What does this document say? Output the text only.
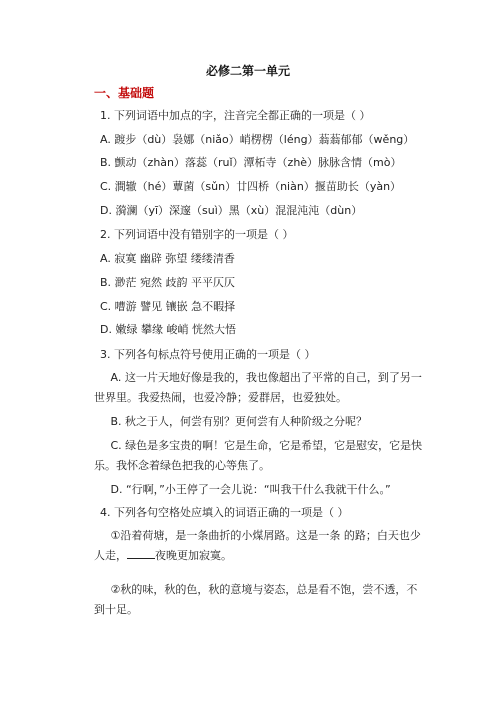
必修二第一单元
一、基础题
1. 下列词语中加点的字，注音完全都正确的一项是（ ）
A. 踱步（dù）袅娜（niǎo）峭楞楞（léng）蓊蓊郁郁（wěng）
B. 颤动（zhàn）落蕊（ruǐ）潭柘寺（zhè）脉脉含情（mò）
C. 澗辙（hé）蕈菌（sǔn）廿四桥（niàn）揠苗助长（yàn）
D. 漪澜（yī）深邃（suì）黑（xù）混混沌沌（dùn）
2. 下列词语中没有错别字的一项是（ ）
A. 寂寞 幽辟 弥望 缕缕清香
B. 渺茫 宛然 歧韵 平平仄仄
C. 嘈游 譬见 镶嵌 急不暇择
D. 嫩绿 攀缘 峻峭 恍然大悟
3. 下列各句标点符号使用正确的一项是（ ）
A. 这一片天地好像是我的，我也像超出了平常的自己，到了另一世界里。我爱热闹，也爱冷静；爱群居，也爱独处。
B. 秋之于人，何尝有别？更何尝有人种阶级之分呢？
C. 绿色是多宝贵的啊！它是生命，它是希望，它是慰安，它是快乐。我怀念着绿色把我的心等焦了。
D. “行啊，”小王停了一会儿说：“叫我干什么我就干什么。”
4. 下列各句空格处应填入的词语正确的一项是（ ）
①沿着荷塘，是一条曲折的小煤屑路。这是一条 的路；白天也少人走，	夜晚更加寂寞。
②秋的味，秋的色，秋的意境与姿态，总是看不饱，尝不透，不到十足。
